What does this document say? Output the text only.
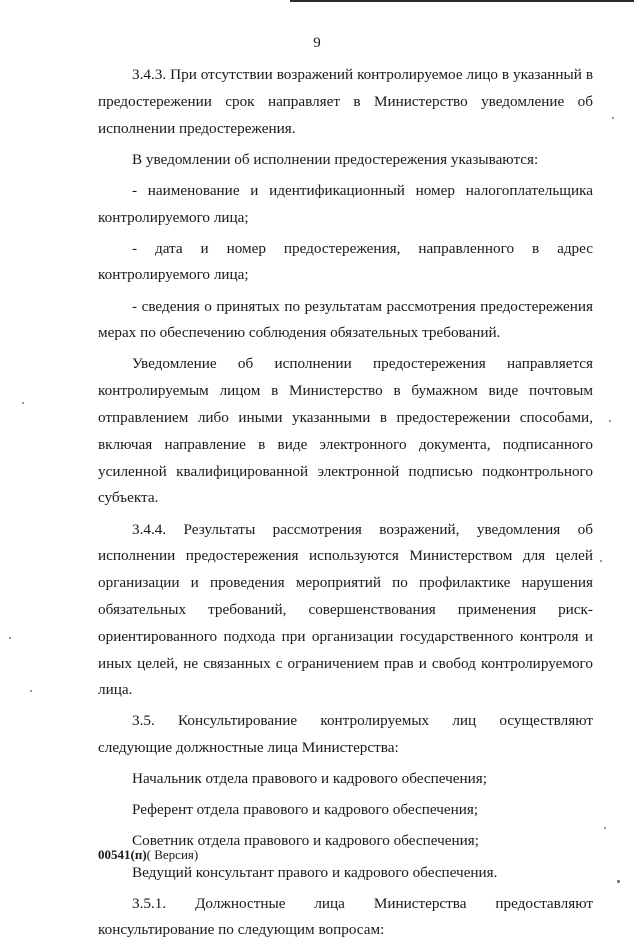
9

3.4.3. При отсутствии возражений контролируемое лицо в указанный в предостережении срок направляет в Министерство уведомление об исполнении предостережения.

В уведомлении об исполнении предостережения указываются:

- наименование и идентификационный номер налогоплательщика контролируемого лица;

- дата и номер предостережения, направленного в адрес контролируемого лица;

- сведения о принятых по результатам рассмотрения предостережения мерах по обеспечению соблюдения обязательных требований.

Уведомление об исполнении предостережения направляется контролируемым лицом в Министерство в бумажном виде почтовым отправлением либо иными указанными в предостережении способами, включая направление в виде электронного документа, подписанного усиленной квалифицированной электронной подписью подконтрольного субъекта.

3.4.4. Результаты рассмотрения возражений, уведомления об исполнении предостережения используются Министерством для целей организации и проведения мероприятий по профилактике нарушения обязательных требований, совершенствования применения риск-ориентированного подхода при организации государственного контроля и иных целей, не связанных с ограничением прав и свобод контролируемого лица.

3.5. Консультирование контролируемых лиц осуществляют следующие должностные лица Министерства:

Начальник отдела правового и кадрового обеспечения;

Референт отдела правового и кадрового обеспечения;

Советник отдела правового и кадрового обеспечения;

Ведущий консультант правого и кадрового обеспечения.

3.5.1. Должностные лица Министерства предоставляют консультирование по следующим вопросам:

00541(п)( Версия)
